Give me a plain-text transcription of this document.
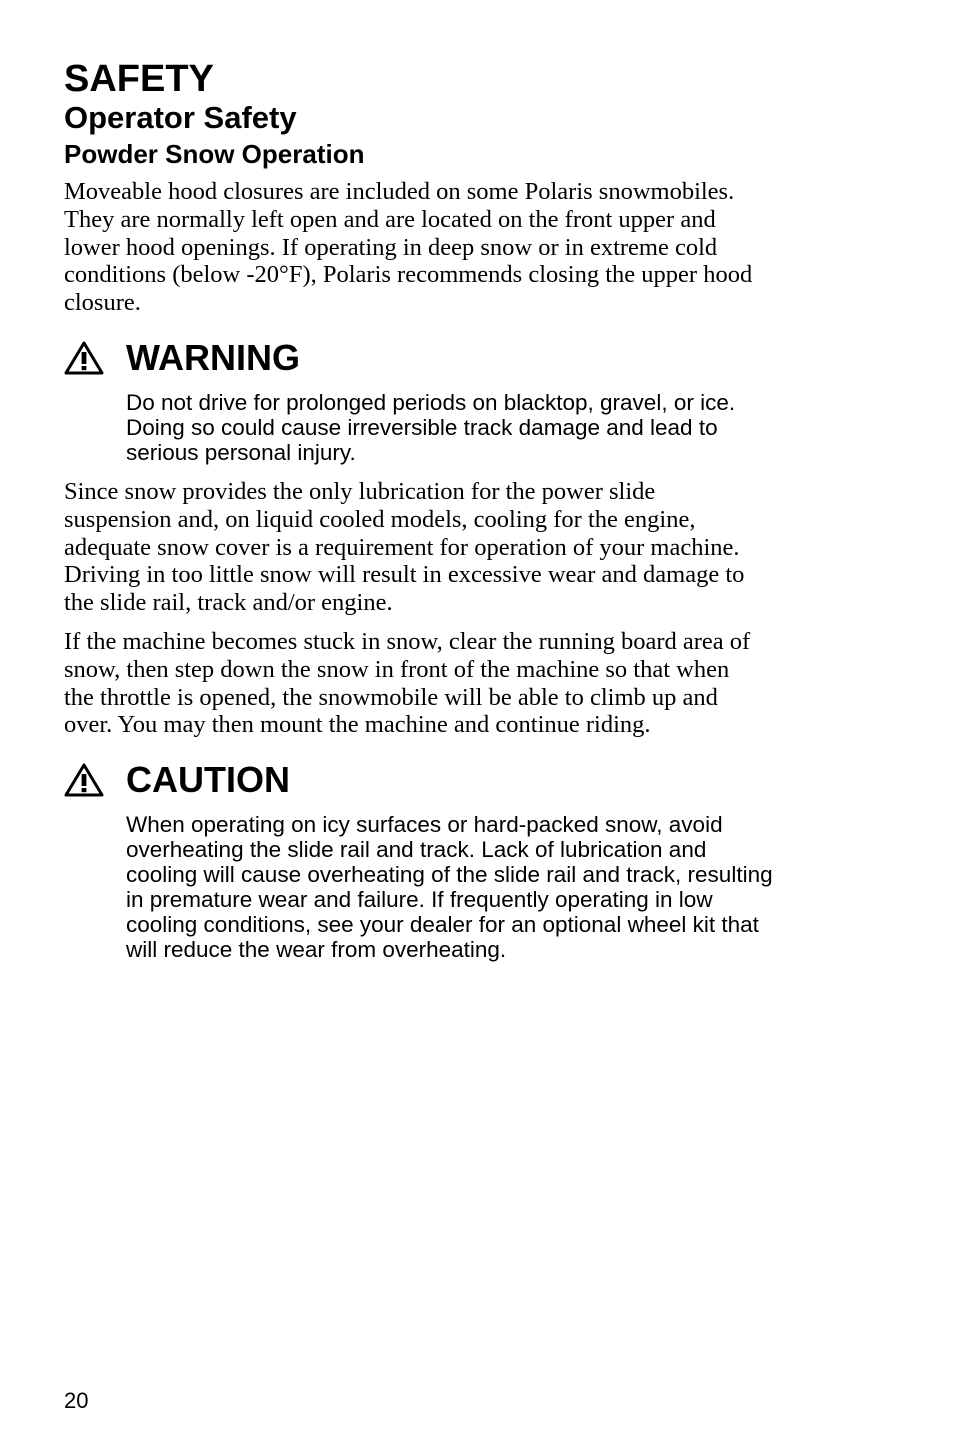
SAFETY
Operator Safety
Powder Snow Operation

Moveable hood closures are included on some Polaris snowmobiles.
They are normally left open and are located on the front upper and
lower hood openings. If operating in deep snow or in extreme cold
conditions (below -20°F), Polaris recommends closing the upper hood
closure.

WARNING
Do not drive for prolonged periods on blacktop, gravel, or ice.
Doing so could cause irreversible track damage and lead to
serious personal injury.

Since snow provides the only lubrication for the power slide
suspension and, on liquid cooled models, cooling for the engine,
adequate snow cover is a requirement for operation of your machine.
Driving in too little snow will result in excessive wear and damage to
the slide rail, track and/or engine.

If the machine becomes stuck in snow, clear the running board area of
snow, then step down the snow in front of the machine so that when
the throttle is opened, the snowmobile will be able to climb up and
over. You may then mount the machine and continue riding.

CAUTION
When operating on icy surfaces or hard-packed snow, avoid
overheating the slide rail and track. Lack of lubrication and
cooling will cause overheating of the slide rail and track, resulting
in premature wear and failure. If frequently operating in low
cooling conditions, see your dealer for an optional wheel kit that
will reduce the wear from overheating.
20
